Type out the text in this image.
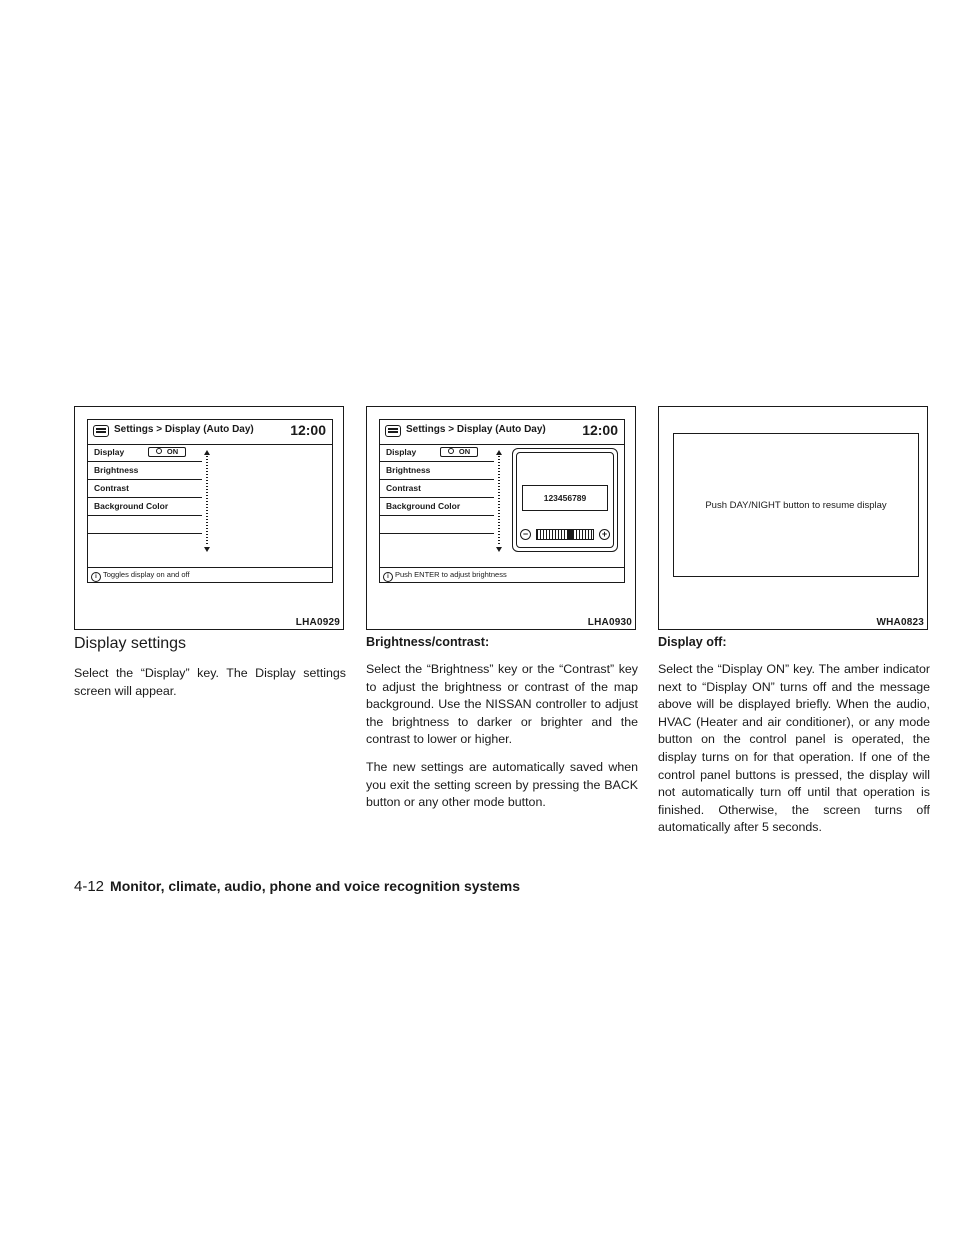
Settings > Display (Auto Day)	12:00
Display	ON
Brightness
Contrast
Background Color
i Toggles display on and off
LHA0929
Settings > Display (Auto Day)	12:00
Display	ON
Brightness
Contrast
Background Color
123456789
−	+
i Push ENTER to adjust brightness
LHA0930
Push DAY/NIGHT button to resume display
WHA0823
Display settings

Select the “Display” key. The Display settings screen will appear.

Brightness/contrast:

Select the “Brightness” key or the “Contrast” key to adjust the brightness or contrast of the map background. Use the NISSAN controller to adjust the brightness to darker or brighter and the contrast to lower or higher.

The new settings are automatically saved when you exit the setting screen by pressing the BACK button or any other mode button.

Display off:

Select the “Display ON” key. The amber indicator next to “Display ON” turns off and the message above will be displayed briefly. When the audio, HVAC (Heater and air conditioner), or any mode button on the control panel is operated, the display turns on for that operation. If one of the control panel buttons is pressed, the display will not automatically turn off until that operation is finished. Otherwise, the screen turns off automatically after 5 seconds.

4-12 Monitor, climate, audio, phone and voice recognition systems
